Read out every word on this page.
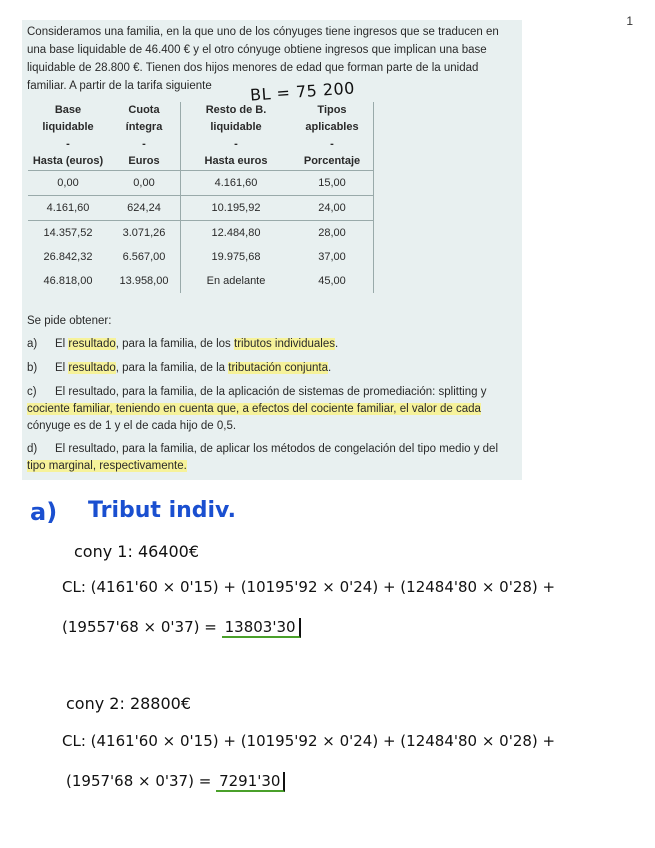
1
Consideramos una familia, en la que uno de los cónyuges tiene ingresos que se traducen en una base liquidable de 46.400 € y el otro cónyuge obtiene ingresos que implican una base liquidable de 28.800 €. Tienen dos hijos menores de edad que forman parte de la unidad familiar. A partir de la tarifa siguiente	BL = 75 200
Base	Cuota	Resto de B.	Tipos
liquidable	íntegra	liquidable	aplicables
-	-	-	-
Hasta (euros)	Euros	Hasta euros	Porcentaje
0,00	0,00	4.161,60	15,00
4.161,60	624,24	10.195,92	24,00
14.357,52	3.071,26	12.484,80	28,00
26.842,32	6.567,00	19.975,68	37,00
46.818,00	13.958,00	En adelante	45,00
Se pide obtener:
a) El resultado, para la familia, de los tributos individuales.
b) El resultado, para la familia, de la tributación conjunta.
c) El resultado, para la familia, de la aplicación de sistemas de promediación: splitting y
cociente familiar, teniendo en cuenta que, a efectos del cociente familiar, el valor de cada
cónyuge es de 1 y el de cada hijo de 0,5.
d) El resultado, para la familia, de aplicar los métodos de congelación del tipo medio y del
tipo marginal, respectivamente.
a) Tribut indiv.
cony 1: 46400€
CL: (4161'60 × 0'15) + (10195'92 × 0'24) + (12484'80 × 0'28) +
(19557'68 × 0'37) = 13803'30
cony 2: 28800€
CL: (4161'60 × 0'15) + (10195'92 × 0'24) + (12484'80 × 0'28) +
(1957'68 × 0'37) = 7291'30
